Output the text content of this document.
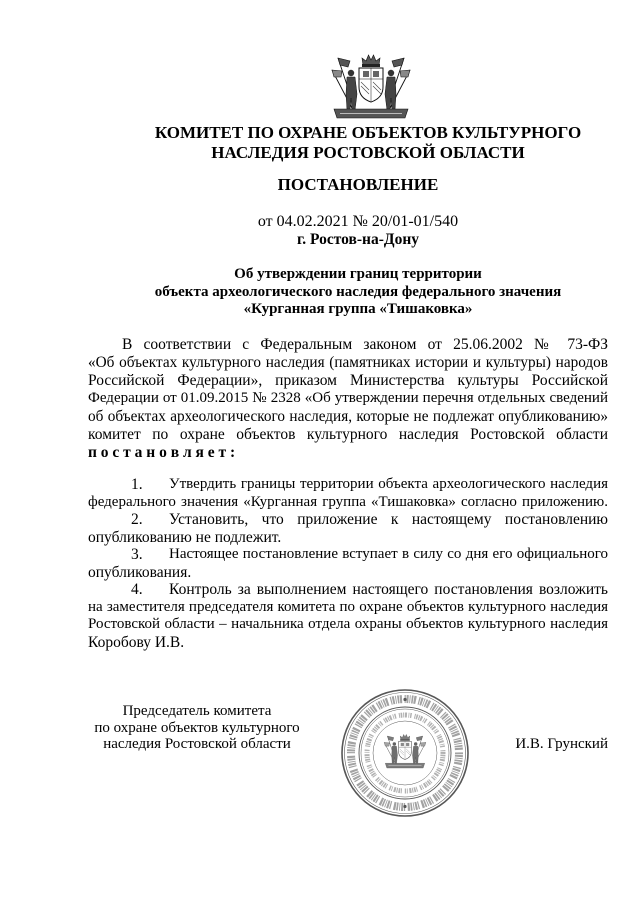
КОМИТЕТ ПО ОХРАНЕ ОБЪЕКТОВ КУЛЬТУРНОГО
НАСЛЕДИЯ РОСТОВСКОЙ ОБЛАСТИ
ПОСТАНОВЛЕНИЕ
от 04.02.2021 № 20/01-01/540
г. Ростов-на-Дону
Об утверждении границ территории
объекта археологического наследия федерального значения
«Курганная группа «Тишаковка»
В соответствии с Федеральным законом от 25.06.2002 № 73-ФЗ
«Об объектах культурного наследия (памятниках истории и культуры) народов
Российской Федерации», приказом Министерства культуры Российской
Федерации от 01.09.2015 № 2328 «Об утверждении перечня отдельных сведений
об объектах археологического наследия, которые не подлежат опубликованию»
комитет по охране объектов культурного наследия Ростовской области
п о с т а н о в л я е т :
1.	Утвердить границы территории объекта археологического наследия
федерального значения «Курганная группа «Тишаковка» согласно приложению.
2.	Установить, что приложение к настоящему постановлению
опубликованию не подлежит.
3.	Настоящее постановление вступает в силу со дня его официального
опубликования.
4.	Контроль за выполнением настоящего постановления возложить
на заместителя председателя комитета по охране объектов культурного наследия
Ростовской области – начальника отдела охраны объектов культурного наследия
Коробову И.В.
Председатель комитета
по охране объектов культурного
наследия Ростовской области	И.В. Грунский
